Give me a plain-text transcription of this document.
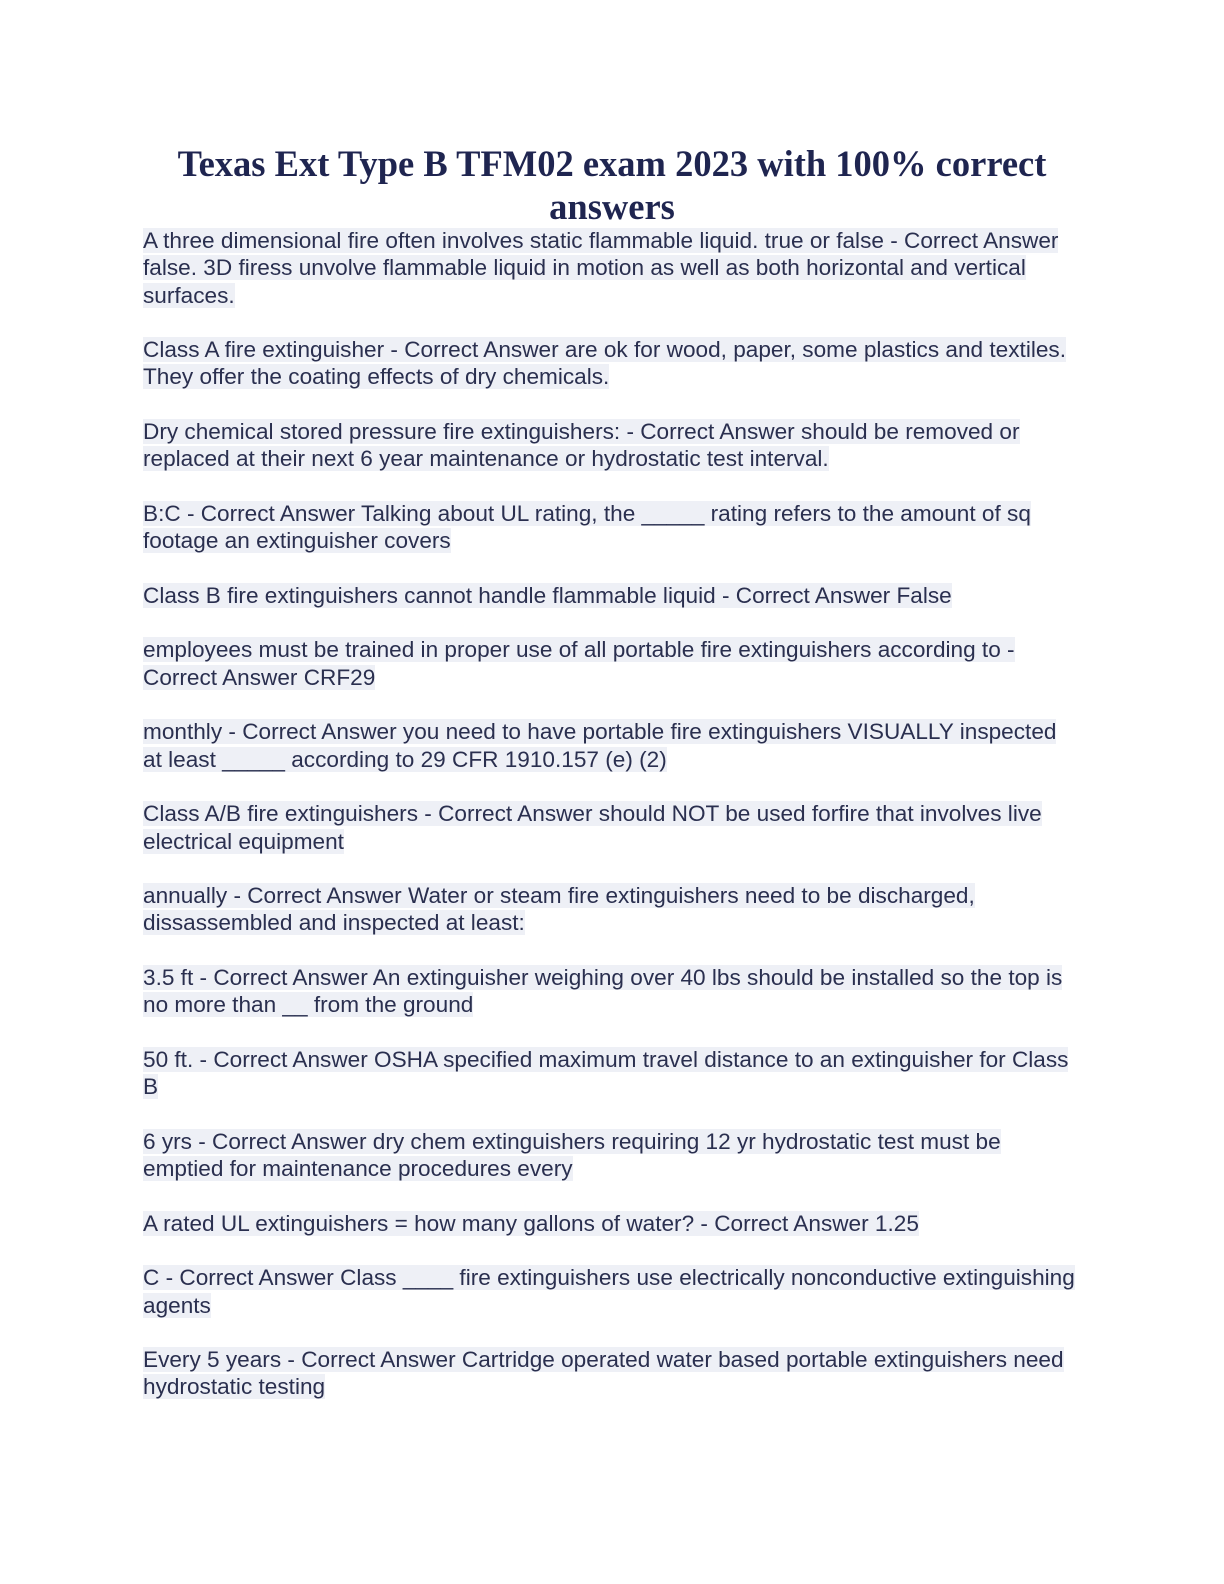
Texas Ext Type B TFM02 exam 2023 with 100% correct answers

A three dimensional fire often involves static flammable liquid. true or false - Correct Answer false. 3D firess unvolve flammable liquid in motion as well as both horizontal and vertical surfaces.

Class A fire extinguisher - Correct Answer are ok for wood, paper, some plastics and textiles. They offer the coating effects of dry chemicals.

Dry chemical stored pressure fire extinguishers: - Correct Answer should be removed or replaced at their next 6 year maintenance or hydrostatic test interval.

B:C - Correct Answer Talking about UL rating, the _____ rating refers to the amount of sq footage an extinguisher covers

Class B fire extinguishers cannot handle flammable liquid - Correct Answer False

employees must be trained in proper use of all portable fire extinguishers according to - Correct Answer CRF29

monthly - Correct Answer you need to have portable fire extinguishers VISUALLY inspected at least _____ according to 29 CFR 1910.157 (e) (2)

Class A/B fire extinguishers - Correct Answer should NOT be used forfire that involves live electrical equipment

annually - Correct Answer Water or steam fire extinguishers need to be discharged, dissassembled and inspected at least:

3.5 ft - Correct Answer An extinguisher weighing over 40 lbs should be installed so the top is no more than __ from the ground

50 ft. - Correct Answer OSHA specified maximum travel distance to an extinguisher for Class B

6 yrs - Correct Answer dry chem extinguishers requiring 12 yr hydrostatic test must be emptied for maintenance procedures every

A rated UL extinguishers = how many gallons of water? - Correct Answer 1.25

C - Correct Answer Class ____ fire extinguishers use electrically nonconductive extinguishing agents

Every 5 years - Correct Answer Cartridge operated water based portable extinguishers need hydrostatic testing
